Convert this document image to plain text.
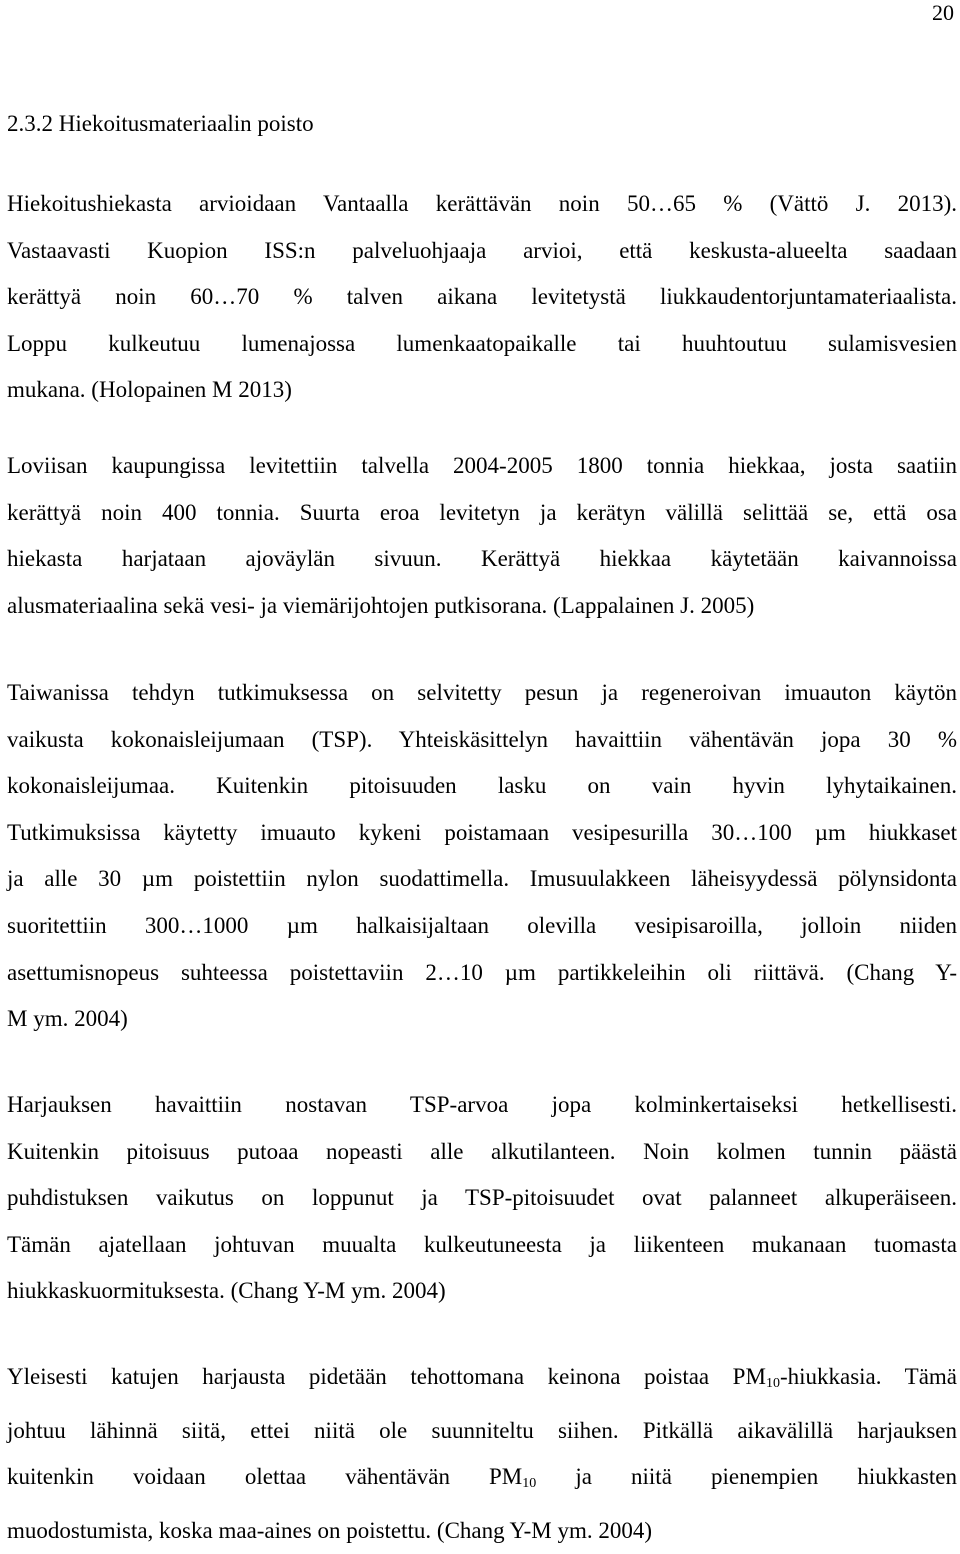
20
2.3.2 Hiekoitusmateriaalin poisto
Hiekoitushiekasta arvioidaan Vantaalla kerättävän noin 50…65 % (Vättö J. 2013).
Vastaavasti Kuopion ISS:n palveluohjaaja arvioi, että keskusta-alueelta saadaan
kerättyä noin 60…70 % talven aikana levitetystä liukkaudentorjuntamateriaalista.
Loppu kulkeutuu lumenajossa lumenkaatopaikalle tai huuhtoutuu sulamisvesien
mukana. (Holopainen M 2013)
Loviisan kaupungissa levitettiin talvella 2004-2005 1800 tonnia hiekkaa, josta saatiin
kerättyä noin 400 tonnia. Suurta eroa levitetyn ja kerätyn välillä selittää se, että osa
hiekasta harjataan ajoväylän sivuun. Kerättyä hiekkaa käytetään kaivannoissa
alusmateriaalina sekä vesi- ja viemärijohtojen putkisorana. (Lappalainen J. 2005)
Taiwanissa tehdyn tutkimuksessa on selvitetty pesun ja regeneroivan imuauton käytön
vaikusta kokonaisleijumaan (TSP). Yhteiskäsittelyn havaittiin vähentävän jopa 30 %
kokonaisleijumaa. Kuitenkin pitoisuuden lasku on vain hyvin lyhytaikainen.
Tutkimuksissa käytetty imuauto kykeni poistamaan vesipesurilla 30…100 µm hiukkaset
ja alle 30 µm poistettiin nylon suodattimella. Imusuulakkeen läheisyydessä pölynsidonta
suoritettiin 300…1000 µm halkaisijaltaan olevilla vesipisaroilla, jolloin niiden
asettumisnopeus suhteessa poistettaviin 2…10 µm partikkeleihin oli riittävä. (Chang Y-
M ym. 2004)
Harjauksen havaittiin nostavan TSP-arvoa jopa kolminkertaiseksi hetkellisesti.
Kuitenkin pitoisuus putoaa nopeasti alle alkutilanteen. Noin kolmen tunnin päästä
puhdistuksen vaikutus on loppunut ja TSP-pitoisuudet ovat palanneet alkuperäiseen.
Tämän ajatellaan johtuvan muualta kulkeutuneesta ja liikenteen mukanaan tuomasta
hiukkaskuormituksesta. (Chang Y-M ym. 2004)
Yleisesti katujen harjausta pidetään tehottomana keinona poistaa $PM_{10}$-hiukkasia. Tämä
johtuu lähinnä siitä, ettei niitä ole suunniteltu siihen. Pitkällä aikavälillä harjauksen
kuitenkin voidaan olettaa vähentävän $PM_{10}$ ja niitä pienempien hiukkasten
muodostumista, koska maa-aines on poistettu. (Chang Y-M ym. 2004)
